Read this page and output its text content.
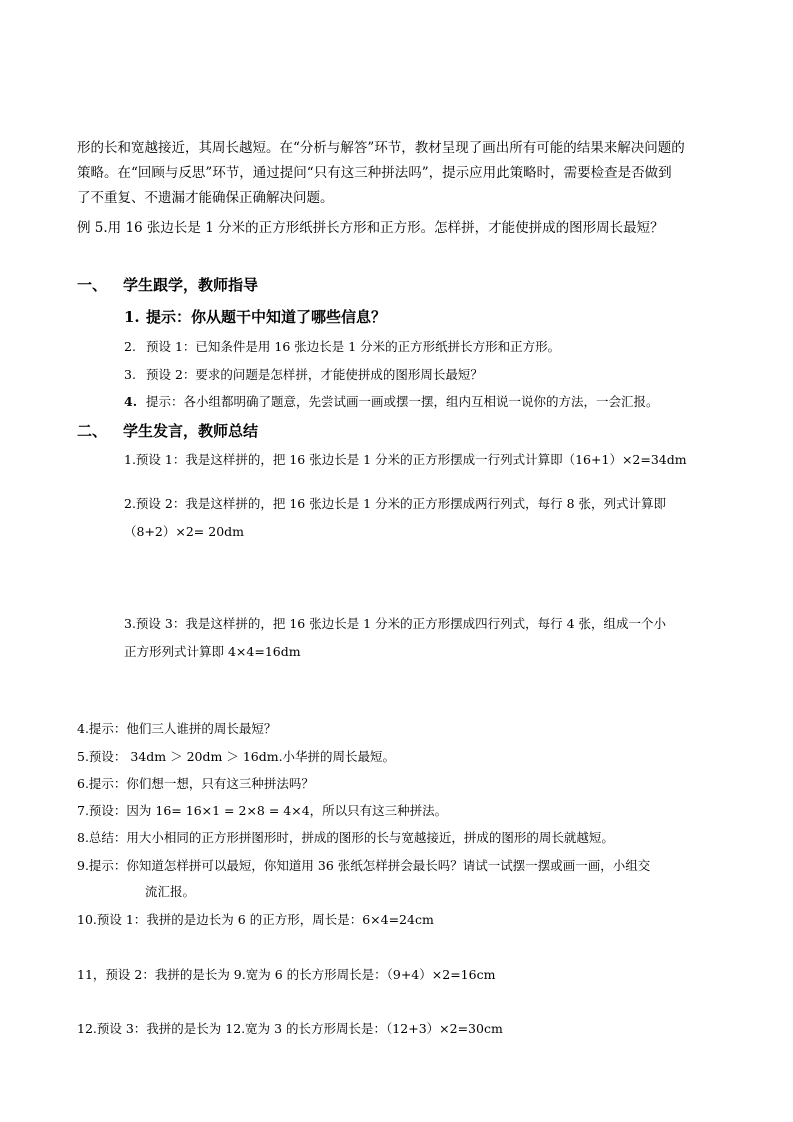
形的长和宽越接近，其周长越短。在“分析与解答”环节，教材呈现了画出所有可能的结果来解决问题的
策略。在“回顾与反思”环节，通过提问“只有这三种拼法吗”，提示应用此策略时，需要检查是否做到
了不重复、不遗漏才能确保正确解决问题。
例 5.用 16 张边长是 1 分米的正方形纸拼长方形和正方形。怎样拼，才能使拼成的图形周长最短？
一、 学生跟学，教师指导
1. 提示：你从题干中知道了哪些信息？
2. 预设 1：已知条件是用 16 张边长是 1 分米的正方形纸拼长方形和正方形。
3. 预设 2：要求的问题是怎样拼，才能使拼成的图形周长最短？
4. 提示：各小组都明确了题意，先尝试画一画或摆一摆，组内互相说一说你的方法，一会汇报。
二、 学生发言，教师总结
1.预设 1：我是这样拼的，把 16 张边长是 1 分米的正方形摆成一行列式计算即（16+1）×2=34dm
2.预设 2：我是这样拼的，把 16 张边长是 1 分米的正方形摆成两行列式，每行 8 张，列式计算即
（8+2）×2= 20dm
3.预设 3：我是这样拼的，把 16 张边长是 1 分米的正方形摆成四行列式，每行 4 张，组成一个小
正方形列式计算即 4×4=16dm
4.提示：他们三人谁拼的周长最短？
5.预设： 34dm ＞ 20dm ＞ 16dm.小华拼的周长最短。
6.提示：你们想一想，只有这三种拼法吗？
7.预设：因为 16= 16×1 = 2×8 = 4×4，所以只有这三种拼法。
8.总结：用大小相同的正方形拼图形时，拼成的图形的长与宽越接近，拼成的图形的周长就越短。
9.提示：你知道怎样拼可以最短，你知道用 36 张纸怎样拼会最长吗？请试一试摆一摆或画一画，小组交
流汇报。
10.预设 1：我拼的是边长为 6 的正方形，周长是：6×4=24cm
11，预设 2：我拼的是长为 9.宽为 6 的长方形周长是：（9+4）×2=16cm
12.预设 3：我拼的是长为 12.宽为 3 的长方形周长是：（12+3）×2=30cm
